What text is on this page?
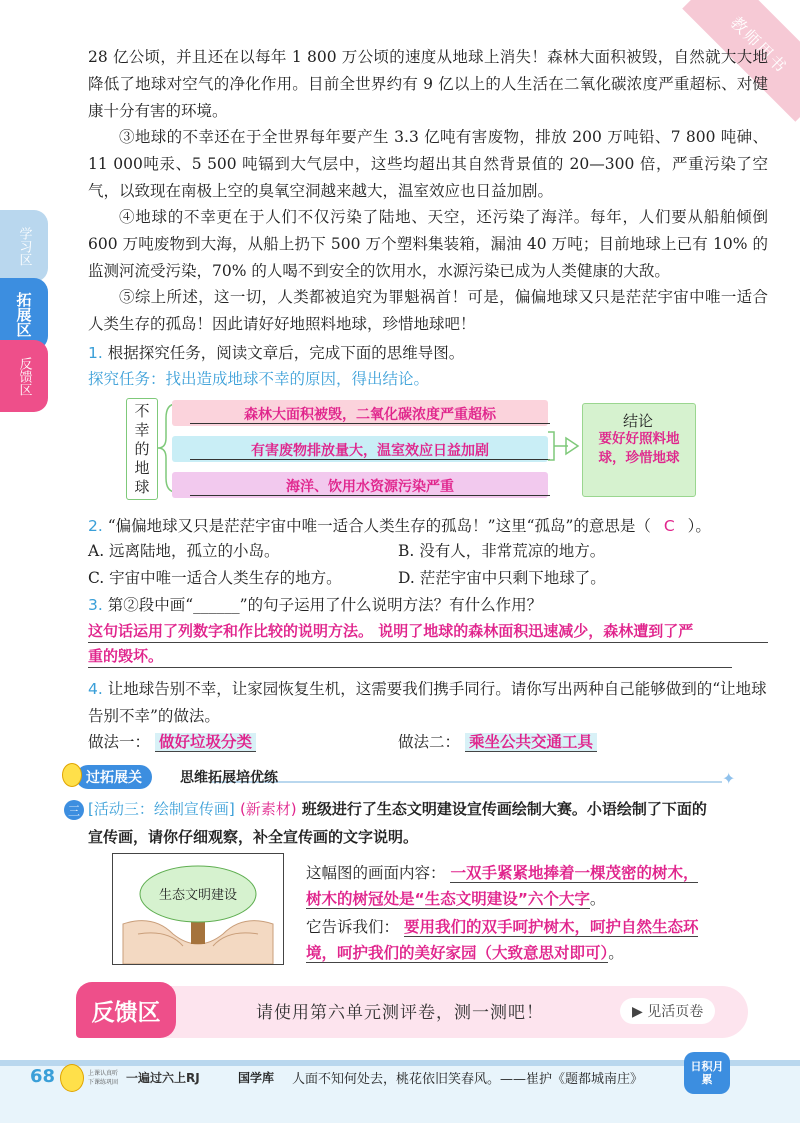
教师用书
学习区
拓展区
反馈区
28 亿公顷，并且还在以每年 1 800 万公顷的速度从地球上消失！森林大面积被毁，自然就大大地降低了地球对空气的净化作用。目前全世界约有 9 亿以上的人生活在二氧化碳浓度严重超标、对健康十分有害的环境。
③地球的不幸还在于全世界每年要产生 3.3 亿吨有害废物，排放 200 万吨铅、7 800 吨砷、11 000吨汞、5 500 吨镉到大气层中，这些均超出其自然背景值的 20—300 倍，严重污染了空气，以致现在南极上空的臭氧空洞越来越大，温室效应也日益加剧。
④地球的不幸更在于人们不仅污染了陆地、天空，还污染了海洋。每年，人们要从船舶倾倒 600 万吨废物到大海，从船上扔下 500 万个塑料集装箱，漏油 40 万吨；目前地球上已有 10% 的监测河流受污染，70% 的人喝不到安全的饮用水，水源污染已成为人类健康的大敌。
⑤综上所述，这一切，人类都被追究为罪魁祸首！可是，偏偏地球又只是茫茫宇宙中唯一适合人类生存的孤岛！因此请好好地照料地球，珍惜地球吧！
1. 根据探究任务，阅读文章后，完成下面的思维导图。
探究任务：找出造成地球不幸的原因，得出结论。
不
幸
的
地
球
森林大面积被毁，二氧化碳浓度严重超标
有害废物排放量大，温室效应日益加剧
海洋、饮用水资源污染严重
结论
要好好照料地球，珍惜地球
2. “偏偏地球又只是茫茫宇宙中唯一适合人类生存的孤岛！”这里“孤岛”的意思是（ C ）。
A. 远离陆地，孤立的小岛。	B. 没有人，非常荒凉的地方。
C. 宇宙中唯一适合人类生存的地方。	D. 茫茫宇宙中只剩下地球了。
3. 第②段中画“______”的句子运用了什么说明方法？有什么作用？
这句话运用了列数字和作比较的说明方法。 说明了地球的森林面积迅速减少，森林遭到了严
重的毁坏。
4. 让地球告别不幸，让家园恢复生机，这需要我们携手同行。请你写出两种自己能够做到的“让地球告别不幸”的做法。
做法一： 做好垃圾分类	做法二： 乘坐公共交通工具
✦
过拓展关	思维拓展培优练
三 [活动三：绘制宣传画] (新素材) 班级进行了生态文明建设宣传画绘制大赛。小语绘制了下面的
宣传画，请你仔细观察，补全宣传画的文字说明。
生态文明建设
这幅图的画面内容： 一双手紧紧地捧着一棵茂密的树木，
树木的树冠处是“生态文明建设”六个大字。
它告诉我们： 要用我们的双手呵护树木，呵护自然生态环
境，呵护我们的美好家园（大致意思对即可）。
反馈区	请使用第六单元测评卷，测一测吧！	▶ 见活页卷
68	上课认真听
下课练巩固 一遍过六上RJ	国学库 人面不知何处去，桃花依旧笑春风。——崔护《题都城南庄》
日积月累
